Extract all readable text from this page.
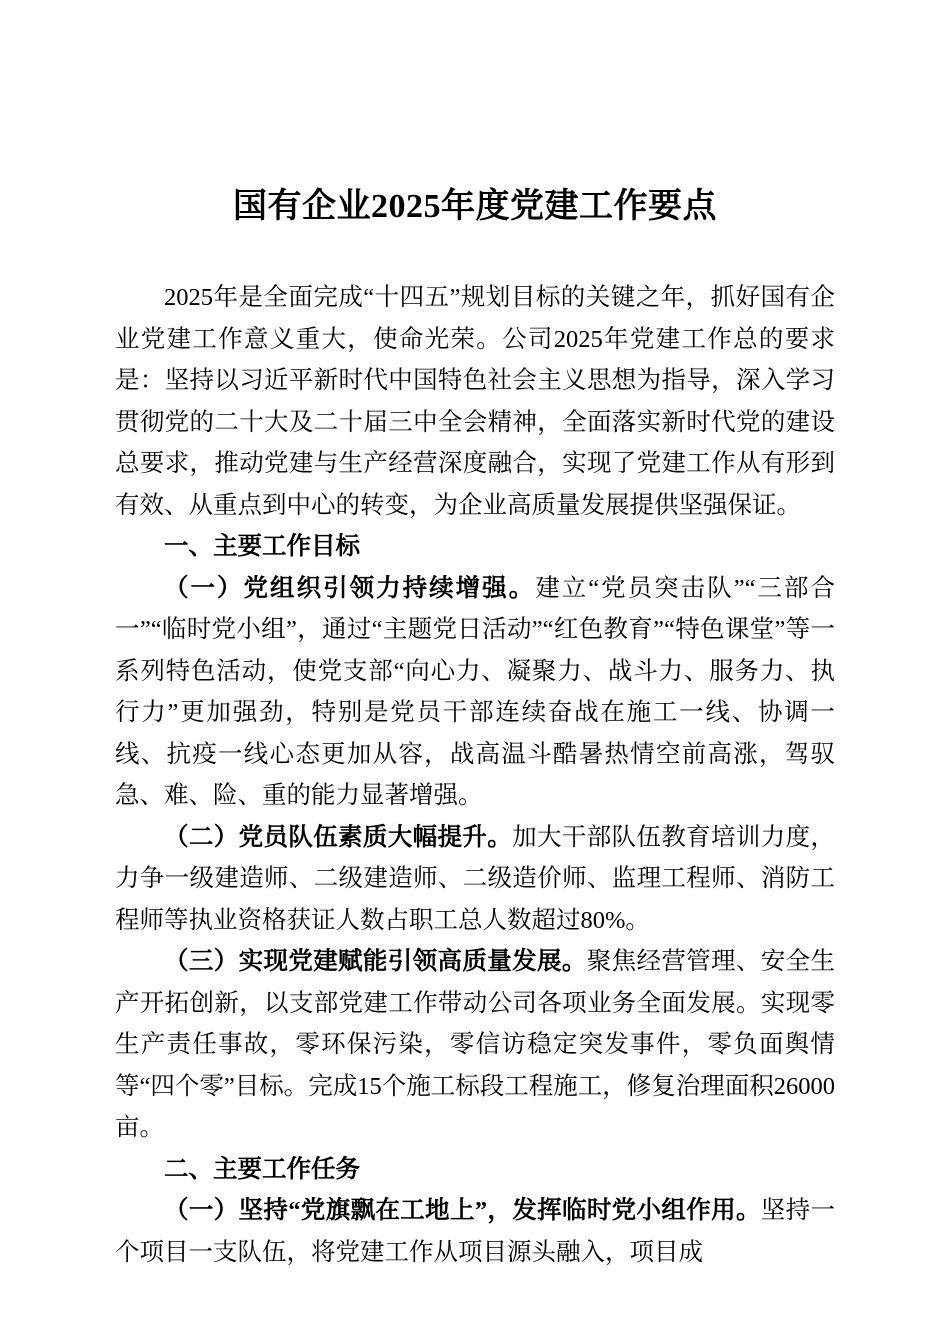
国有企业2025年度党建工作要点

2025年是全面完成“十四五”规划目标的关键之年，抓好国有企业党建工作意义重大，使命光荣。公司2025年党建工作总的要求是：坚持以习近平新时代中国特色社会主义思想为指导，深入学习贯彻党的二十大及二十届三中全会精神，全面落实新时代党的建设总要求，推动党建与生产经营深度融合，实现了党建工作从有形到有效、从重点到中心的转变，为企业高质量发展提供坚强保证。

一、主要工作目标

（一）党组织引领力持续增强。建立“党员突击队”“三部合一”“临时党小组”，通过“主题党日活动”“红色教育”“特色课堂”等一系列特色活动，使党支部“向心力、凝聚力、战斗力、服务力、执行力”更加强劲，特别是党员干部连续奋战在施工一线、协调一线、抗疫一线心态更加从容，战高温斗酷暑热情空前高涨，驾驭急、难、险、重的能力显著增强。

（二）党员队伍素质大幅提升。加大干部队伍教育培训力度，力争一级建造师、二级建造师、二级造价师、监理工程师、消防工程师等执业资格获证人数占职工总人数超过80%。

（三）实现党建赋能引领高质量发展。聚焦经营管理、安全生产开拓创新，以支部党建工作带动公司各项业务全面发展。实现零生产责任事故，零环保污染，零信访稳定突发事件，零负面舆情等“四个零”目标。完成15个施工标段工程施工，修复治理面积26000亩。

二、主要工作任务

（一）坚持“党旗飘在工地上”，发挥临时党小组作用。坚持一个项目一支队伍，将党建工作从项目源头融入，项目成
